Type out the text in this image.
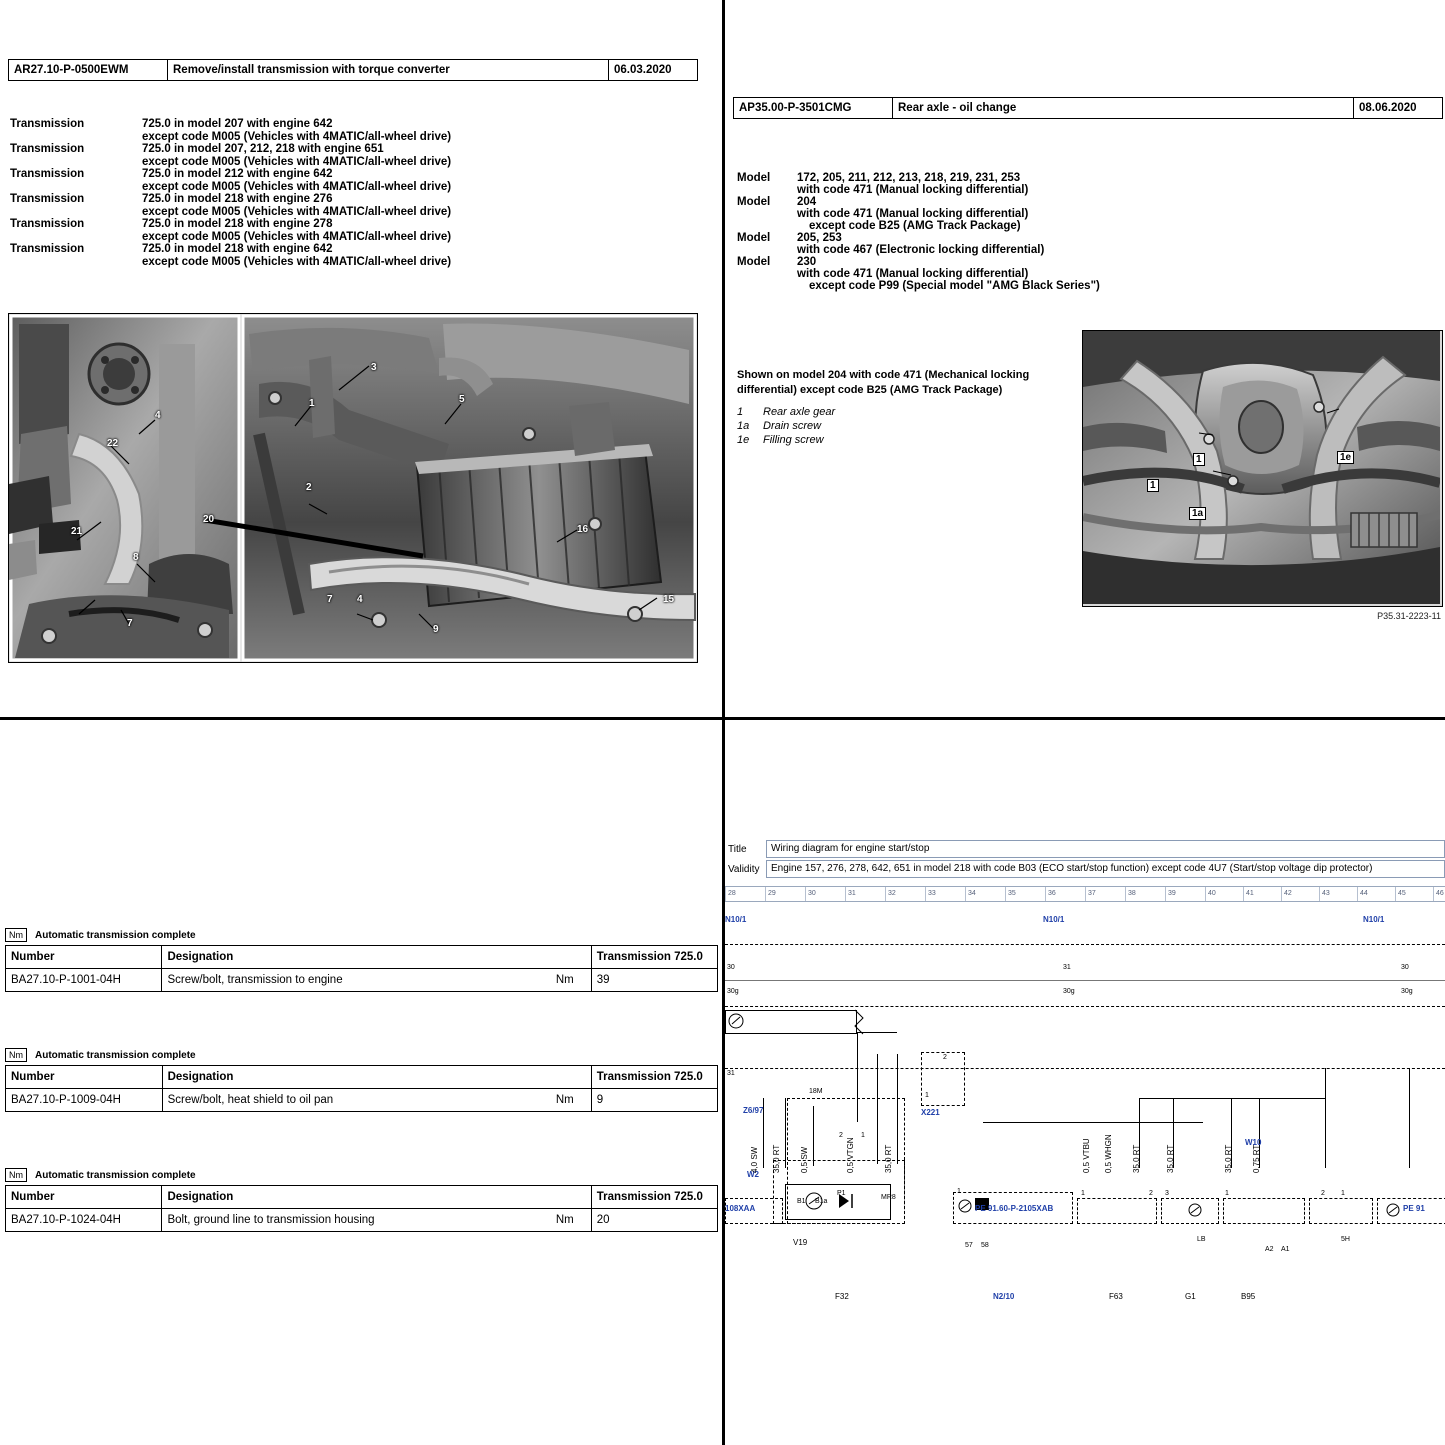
AR27.10-P-0500EWM	Remove/install transmission with torque converter	06.03.2020
Transmission	725.0 in model 207 with engine 642
except code M005 (Vehicles with 4MATIC/all-wheel drive)
Transmission	725.0 in model 207, 212, 218 with engine 651
except code M005 (Vehicles with 4MATIC/all-wheel drive)
Transmission	725.0 in model 212 with engine 642
except code M005 (Vehicles with 4MATIC/all-wheel drive)
Transmission	725.0 in model 218 with engine 276
except code M005 (Vehicles with 4MATIC/all-wheel drive)
Transmission	725.0 in model 218 with engine 278
except code M005 (Vehicles with 4MATIC/all-wheel drive)
Transmission	725.0 in model 218 with engine 642
except code M005 (Vehicles with 4MATIC/all-wheel drive)
3
5
1
2
16
15
4
9
7
4
22
20
21
8
7
AP35.00-P-3501CMG	Rear axle - oil change	08.06.2020
Model	172, 205, 211, 212, 213, 218, 219, 231, 253
with code 471 (Manual locking differential)
Model	204
with code 471 (Manual locking differential)
except code B25 (AMG Track Package)
Model	205, 253
with code 467 (Electronic locking differential)
Model	230
with code 471 (Manual locking differential)
except code P99 (Special model "AMG Black Series")
Shown on model 204 with code 471 (Mechanical locking differential) except code B25 (AMG Track Package)
1	Rear axle gear
1a	Drain screw
1e	Filling screw
1
1
1e
1a
P35.31-2223-11
Nm	Automatic transmission complete
Number	Designation	Transmission 725.0
BA27.10-P-1001-04H	Screw/bolt, transmission to engine Nm	39
Nm	Automatic transmission complete
Number	Designation	Transmission 725.0
BA27.10-P-1009-04H	Screw/bolt, heat shield to oil pan Nm	9
Nm	Automatic transmission complete
Number	Designation	Transmission 725.0
BA27.10-P-1024-04H	Bolt, ground line to transmission housing Nm	20
Title	Wiring diagram for engine start/stop
Validity	Engine 157, 276, 278, 642, 651 in model 218 with code B03 (ECO start/stop function) except code 4U7 (Start/stop voltage dip protector)
28	29	30	31	32	33	34	35	36	37	38	39	40	41	42	43	44	45	46
N10/1	N10/1	N10/1
30	31	30
30g	30g	30g
31
2
1
Z6/97
W2
X221
W10
V19
F32	N2/10	F63	G1	B95
108XAA	PE 91.60-P-2105XAB	PE 91
4,0 SW 35,0 RT 0,5 SW	0,5 VTGN	35,0 RT	0,5 VTBU 0,5 WHGN 35,0 RT	35,0 RT	35,0 RT 0,75 RT
18M
P1
MR8
B1 B1a
LB	5H
A2 A1
57 58
1	2 3
1	1	2 1
2	1
